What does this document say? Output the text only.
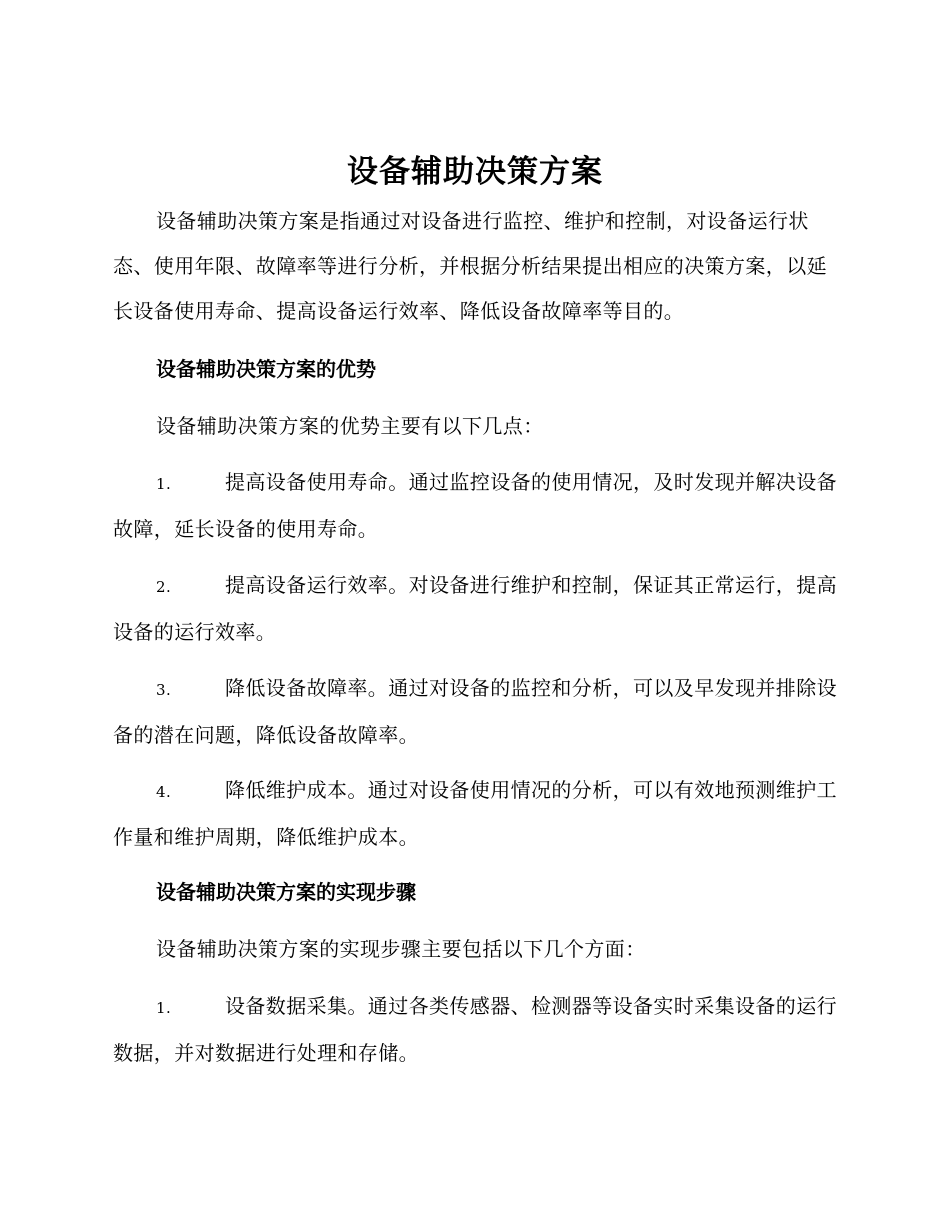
设备辅助决策方案
设备辅助决策方案是指通过对设备进行监控、维护和控制，对设备运行状态、使用年限、故障率等进行分析，并根据分析结果提出相应的决策方案，以延长设备使用寿命、提高设备运行效率、降低设备故障率等目的。
设备辅助决策方案的优势
设备辅助决策方案的优势主要有以下几点：
1.	提高设备使用寿命。通过监控设备的使用情况，及时发现并解决设备故障，延长设备的使用寿命。
2.	提高设备运行效率。对设备进行维护和控制，保证其正常运行，提高设备的运行效率。
3.	降低设备故障率。通过对设备的监控和分析，可以及早发现并排除设备的潜在问题，降低设备故障率。
4.	降低维护成本。通过对设备使用情况的分析，可以有效地预测维护工作量和维护周期，降低维护成本。
设备辅助决策方案的实现步骤
设备辅助决策方案的实现步骤主要包括以下几个方面：
1.	设备数据采集。通过各类传感器、检测器等设备实时采集设备的运行数据，并对数据进行处理和存储。
